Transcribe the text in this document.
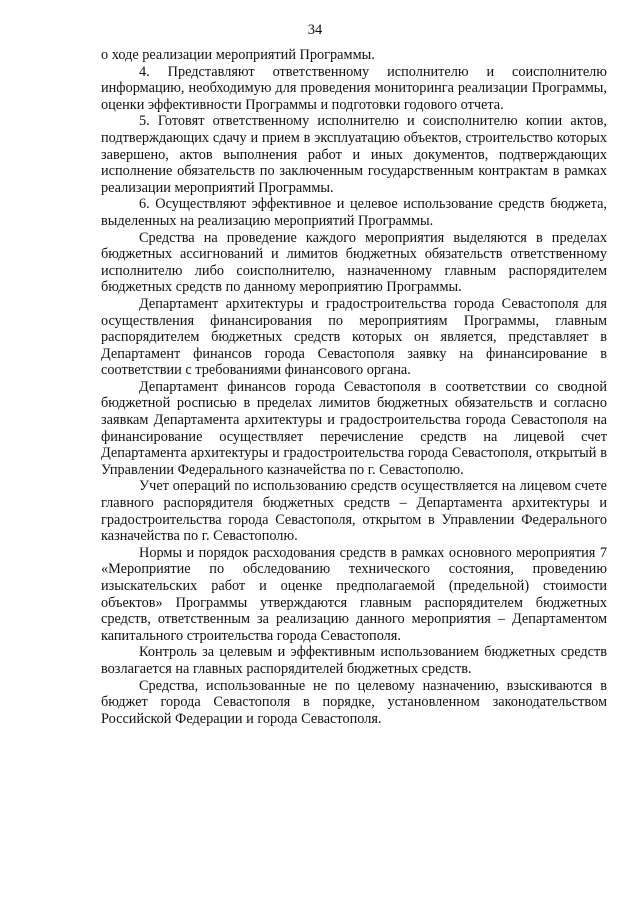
34

о ходе реализации мероприятий Программы.

4. Представляют ответственному исполнителю и соисполнителю информацию, необходимую для проведения мониторинга реализации Программы, оценки эффективности Программы и подготовки годового отчета.

5. Готовят ответственному исполнителю и соисполнителю копии актов, подтверждающих сдачу и прием в эксплуатацию объектов, строительство которых завершено, актов выполнения работ и иных документов, подтверждающих исполнение обязательств по заключенным государственным контрактам в рамках реализации мероприятий Программы.

6. Осуществляют эффективное и целевое использование средств бюджета, выделенных на реализацию мероприятий Программы.

Средства на проведение каждого мероприятия выделяются в пределах бюджетных ассигнований и лимитов бюджетных обязательств ответственному исполнителю либо соисполнителю, назначенному главным распорядителем бюджетных средств по данному мероприятию Программы.

Департамент архитектуры и градостроительства города Севастополя для осуществления финансирования по мероприятиям Программы, главным распорядителем бюджетных средств которых он является, представляет в Департамент финансов города Севастополя заявку на финансирование в соответствии с требованиями финансового органа.

Департамент финансов города Севастополя в соответствии со сводной бюджетной росписью в пределах лимитов бюджетных обязательств и согласно заявкам Департамента архитектуры и градостроительства города Севастополя на финансирование осуществляет перечисление средств на лицевой счет Департамента архитектуры и градостроительства города Севастополя, открытый в Управлении Федерального казначейства по г. Севастополю.

Учет операций по использованию средств осуществляется на лицевом счете главного распорядителя бюджетных средств – Департамента архитектуры и градостроительства города Севастополя, открытом в Управлении Федерального казначейства по г. Севастополю.

Нормы и порядок расходования средств в рамках основного мероприятия 7 «Мероприятие по обследованию технического состояния, проведению изыскательских работ и оценке предполагаемой (предельной) стоимости объектов» Программы утверждаются главным распорядителем бюджетных средств, ответственным за реализацию данного мероприятия – Департаментом капитального строительства города Севастополя.

Контроль за целевым и эффективным использованием бюджетных средств возлагается на главных распорядителей бюджетных средств.

Средства, использованные не по целевому назначению, взыскиваются в бюджет города Севастополя в порядке, установленном законодательством Российской Федерации и города Севастополя.
